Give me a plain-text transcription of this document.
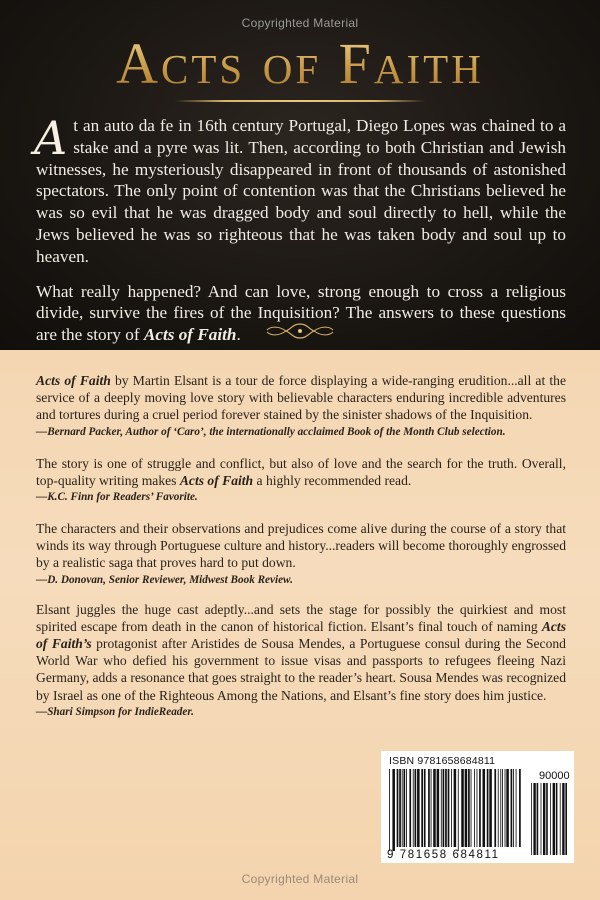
Copyrighted Material
Acts of Faith

At an auto da fe in 16th century Portugal, Diego Lopes was chained to a stake and a pyre was lit. Then, according to both Christian and Jewish witnesses, he mysteriously disappeared in front of thousands of astonished spectators. The only point of contention was that the Christians believed he was so evil that he was dragged body and soul directly to hell, while the Jews believed he was so righteous that he was taken body and soul up to heaven.

What really happened? And can love, strong enough to cross a religious divide, survive the fires of the Inquisition? The answers to these questions are the story of Acts of Faith.

Acts of Faith by Martin Elsant is a tour de force displaying a wide-ranging erudition...all at the service of a deeply moving love story with believable characters enduring incredible adventures and tortures during a cruel period forever stained by the sinister shadows of the Inquisition.

—Bernard Packer, Author of ‘Caro’, the internationally acclaimed Book of the Month Club selection.

The story is one of struggle and conflict, but also of love and the search for the truth. Overall, top-quality writing makes Acts of Faith a highly recommended read.

—K.C. Finn for Readers’ Favorite.

The characters and their observations and prejudices come alive during the course of a story that winds its way through Portuguese culture and history...readers will become thoroughly engrossed by a realistic saga that proves hard to put down.

—D. Donovan, Senior Reviewer, Midwest Book Review.

Elsant juggles the huge cast adeptly...and sets the stage for possibly the quirkiest and most spirited escape from death in the canon of historical fiction. Elsant’s final touch of naming Acts of Faith’s protagonist after Aristides de Sousa Mendes, a Portuguese consul during the Second World War who defied his government to issue visas and passports to refugees fleeing Nazi Germany, adds a resonance that goes straight to the reader’s heart. Sousa Mendes was recognized by Israel as one of the Righteous Among the Nations, and Elsant’s fine story does him justice.

—Shari Simpson for IndieReader.

ISBN 9781658684811
90000
9 781658 684811
Copyrighted Material
